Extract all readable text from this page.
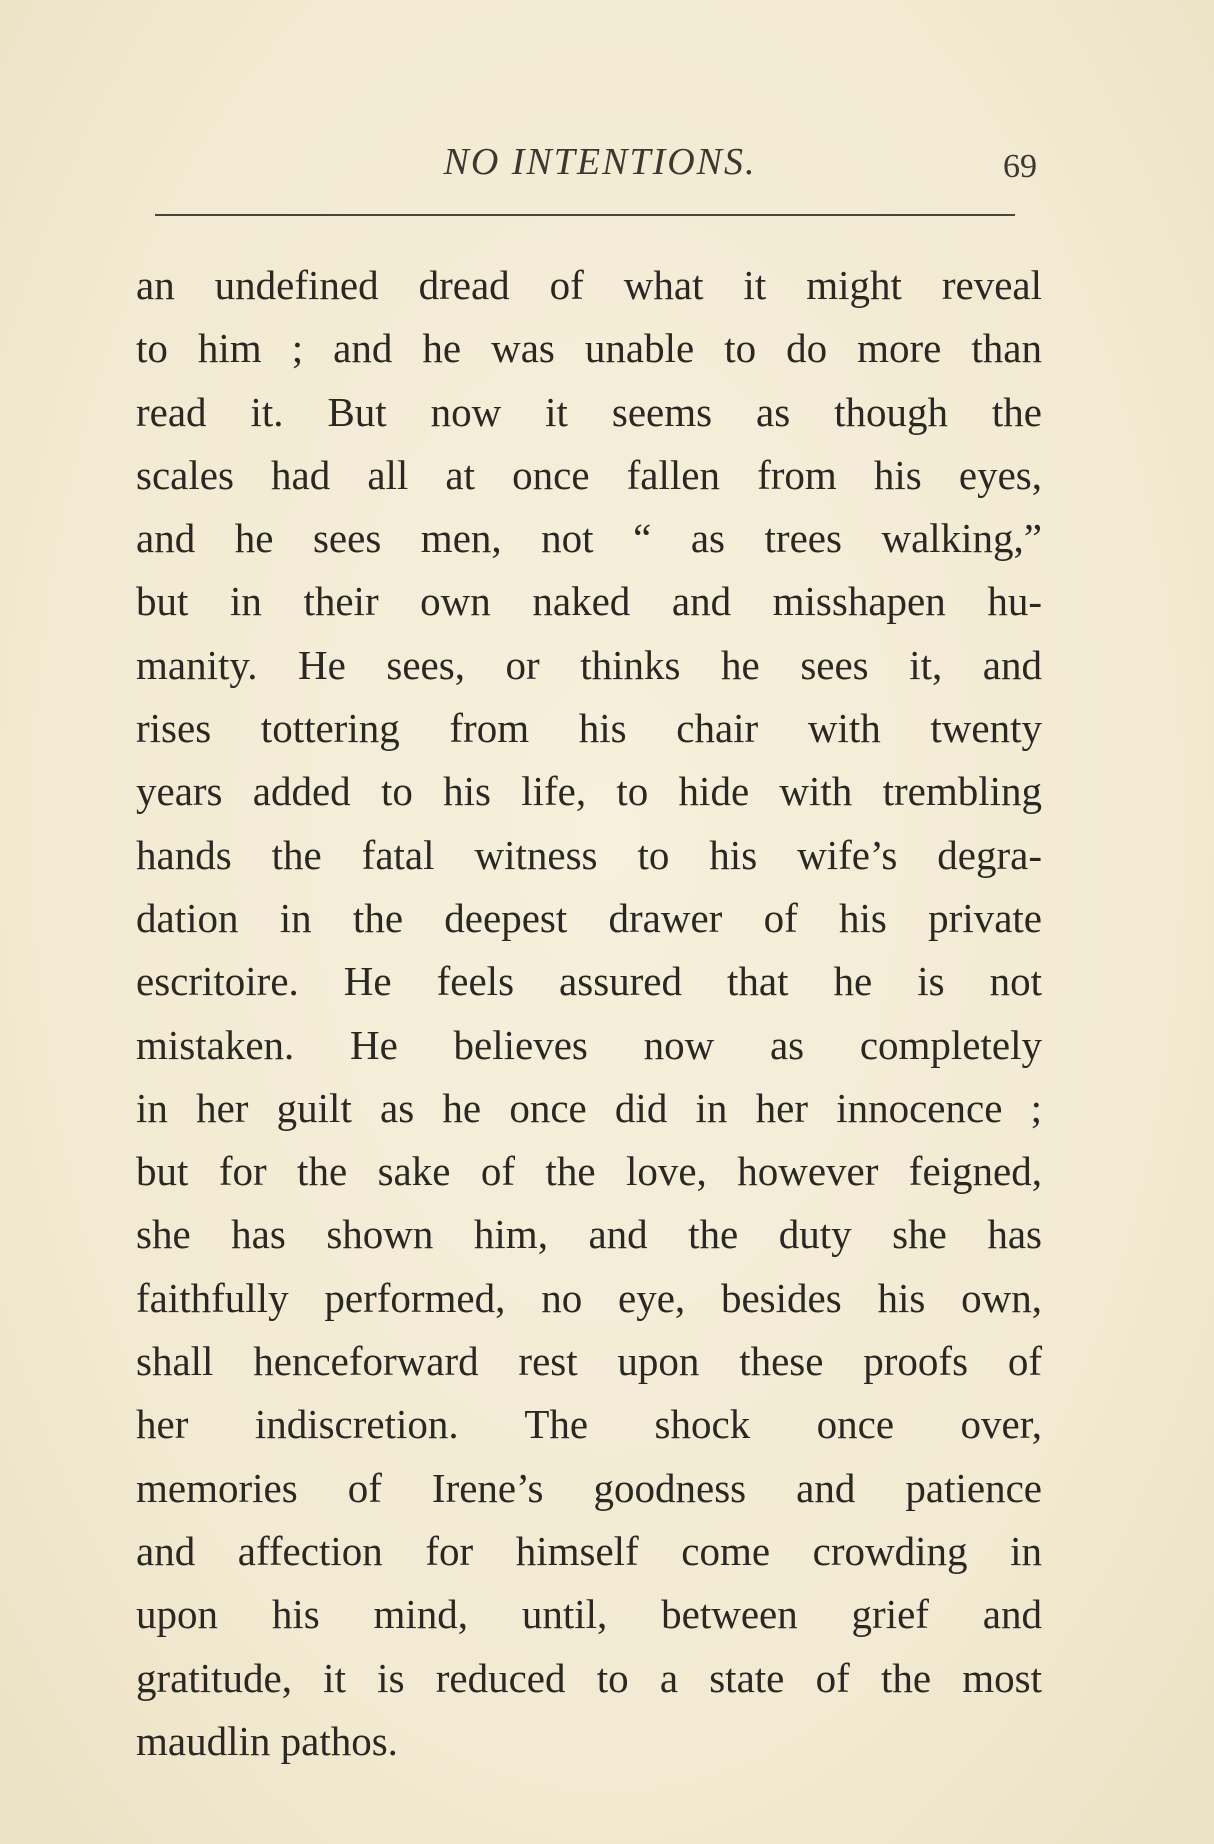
NO INTENTIONS.	69
an undefined dread of what it might reveal
to him ; and he was unable to do more than
read it. But now it seems as though the
scales had all at once fallen from his eyes,
and he sees men, not “ as trees walking,”
but in their own naked and misshapen hu-
manity. He sees, or thinks he sees it, and
rises tottering from his chair with twenty
years added to his life, to hide with trembling
hands the fatal witness to his wife’s degra-
dation in the deepest drawer of his private
escritoire. He feels assured that he is not
mistaken. He believes now as completely
in her guilt as he once did in her innocence ;
but for the sake of the love, however feigned,
she has shown him, and the duty she has
faithfully performed, no eye, besides his own,
shall henceforward rest upon these proofs of
her indiscretion. The shock once over,
memories of Irene’s goodness and patience
and affection for himself come crowding in
upon his mind, until, between grief and
gratitude, it is reduced to a state of the most
maudlin pathos.
